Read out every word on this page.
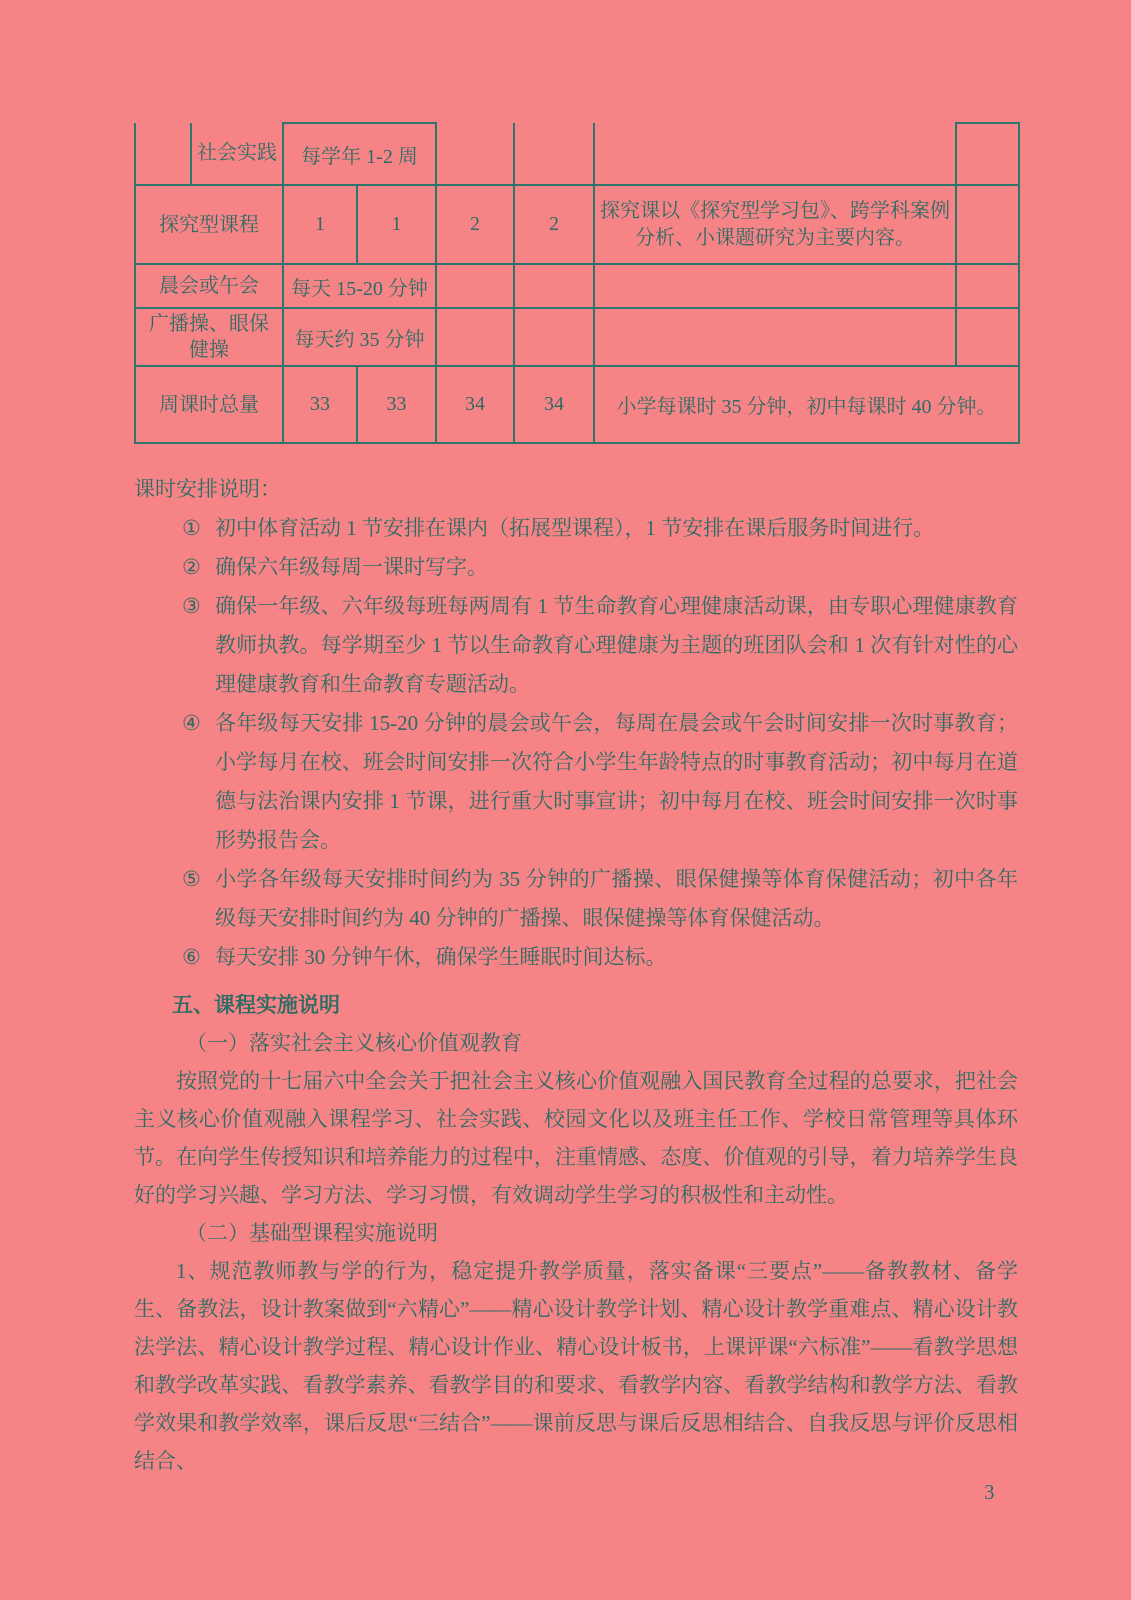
	社会实践	每学年 1-2 周					
探究型课程		1	1	2	2	探究课以《探究型学习包》、跨学科案例分析、小课题研究为主要内容。	
晨会或午会		每天 15-20 分钟					
广播操、眼保健操		每天约 35 分钟					
周课时总量		33	33	34	34	小学每课时 35 分钟，初中每课时 40 分钟。	
课时安排说明：
① 初中体育活动 1 节安排在课内（拓展型课程），1 节安排在课后服务时间进行。
② 确保六年级每周一课时写字。
③ 确保一年级、六年级每班每两周有 1 节生命教育心理健康活动课，由专职心理健康教育教师执教。每学期至少 1 节以生命教育心理健康为主题的班团队会和 1 次有针对性的心理健康教育和生命教育专题活动。
④ 各年级每天安排 15-20 分钟的晨会或午会，每周在晨会或午会时间安排一次时事教育；小学每月在校、班会时间安排一次符合小学生年龄特点的时事教育活动；初中每月在道德与法治课内安排 1 节课，进行重大时事宣讲；初中每月在校、班会时间安排一次时事形势报告会。
⑤ 小学各年级每天安排时间约为 35 分钟的广播操、眼保健操等体育保健活动；初中各年级每天安排时间约为 40 分钟的广播操、眼保健操等体育保健活动。
⑥ 每天安排 30 分钟午休，确保学生睡眠时间达标。
五、课程实施说明
（一）落实社会主义核心价值观教育
按照党的十七届六中全会关于把社会主义核心价值观融入国民教育全过程的总要求，把社会主义核心价值观融入课程学习、社会实践、校园文化以及班主任工作、学校日常管理等具体环节。在向学生传授知识和培养能力的过程中，注重情感、态度、价值观的引导，着力培养学生良好的学习兴趣、学习方法、学习习惯，有效调动学生学习的积极性和主动性。
（二）基础型课程实施说明
1、规范教师教与学的行为，稳定提升教学质量，落实备课“三要点”——备教教材、备学生、备教法，设计教案做到“六精心”——精心设计教学计划、精心设计教学重难点、精心设计教法学法、精心设计教学过程、精心设计作业、精心设计板书，上课评课“六标准”——看教学思想和教学改革实践、看教学素养、看教学目的和要求、看教学内容、看教学结构和教学方法、看教学效果和教学效率，课后反思“三结合”——课前反思与课后反思相结合、自我反思与评价反思相结合、
3
